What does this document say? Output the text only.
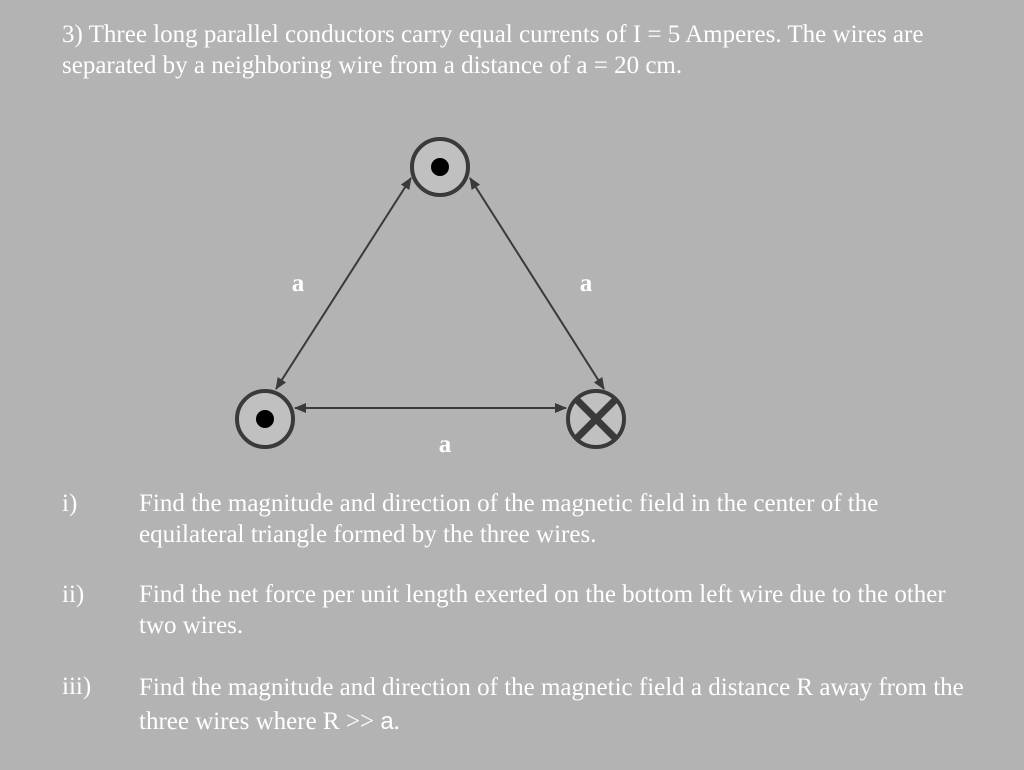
3) Three long parallel conductors carry equal currents of I = 5 Amperes. The wires are
separated by a neighboring wire from a distance of a = 20 cm.

a	a
a
i) Find the magnitude and direction of the magnetic field in the center of the
equilateral triangle formed by the three wires.
ii) Find the net force per unit length exerted on the bottom left wire due to the other
two wires.
iii) Find the magnitude and direction of the magnetic field a distance R away from the
three wires where R >> a.
